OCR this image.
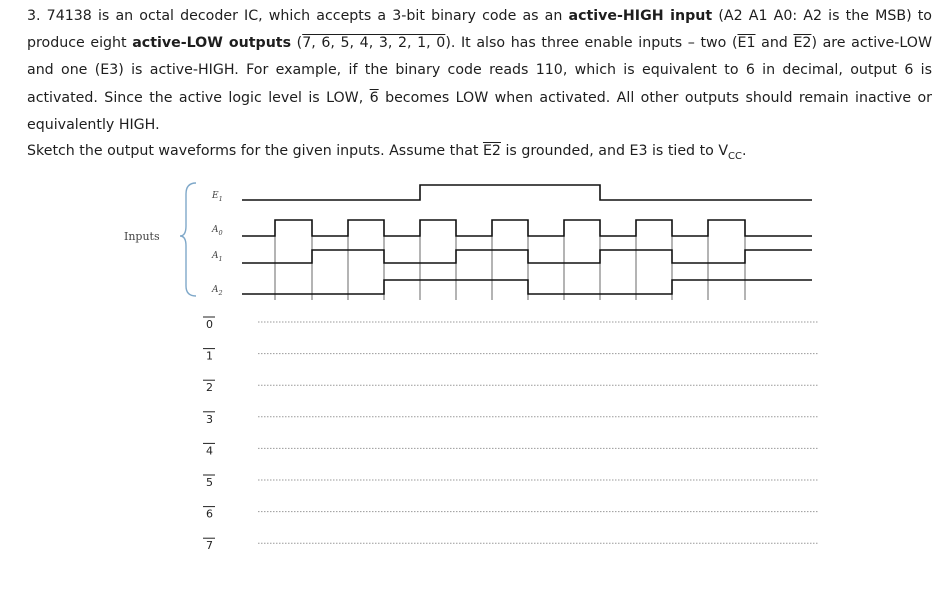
3. 74138 is an octal decoder IC, which accepts a 3-bit binary code as an active-HIGH input (A2 A1 A0: A2 is the MSB) to produce eight active-LOW outputs (7, 6, 5, 4, 3, 2, 1, 0). It also has three enable inputs – two (E1 and E2) are active-LOW and one (E3) is active-HIGH. For example, if the binary code reads 110, which is equivalent to 6 in decimal, output 6 is activated. Since the active logic level is LOW, 6 becomes LOW when activated. All other outputs should remain inactive or equivalently HIGH.

Sketch the output waveforms for the given inputs. Assume that E2 is grounded, and E3 is tied to $V_{CC}$.
Inputs
$E_1$
$A_0$
$A_1$
$A_2$
0
1
2
3
4
5
6
7
